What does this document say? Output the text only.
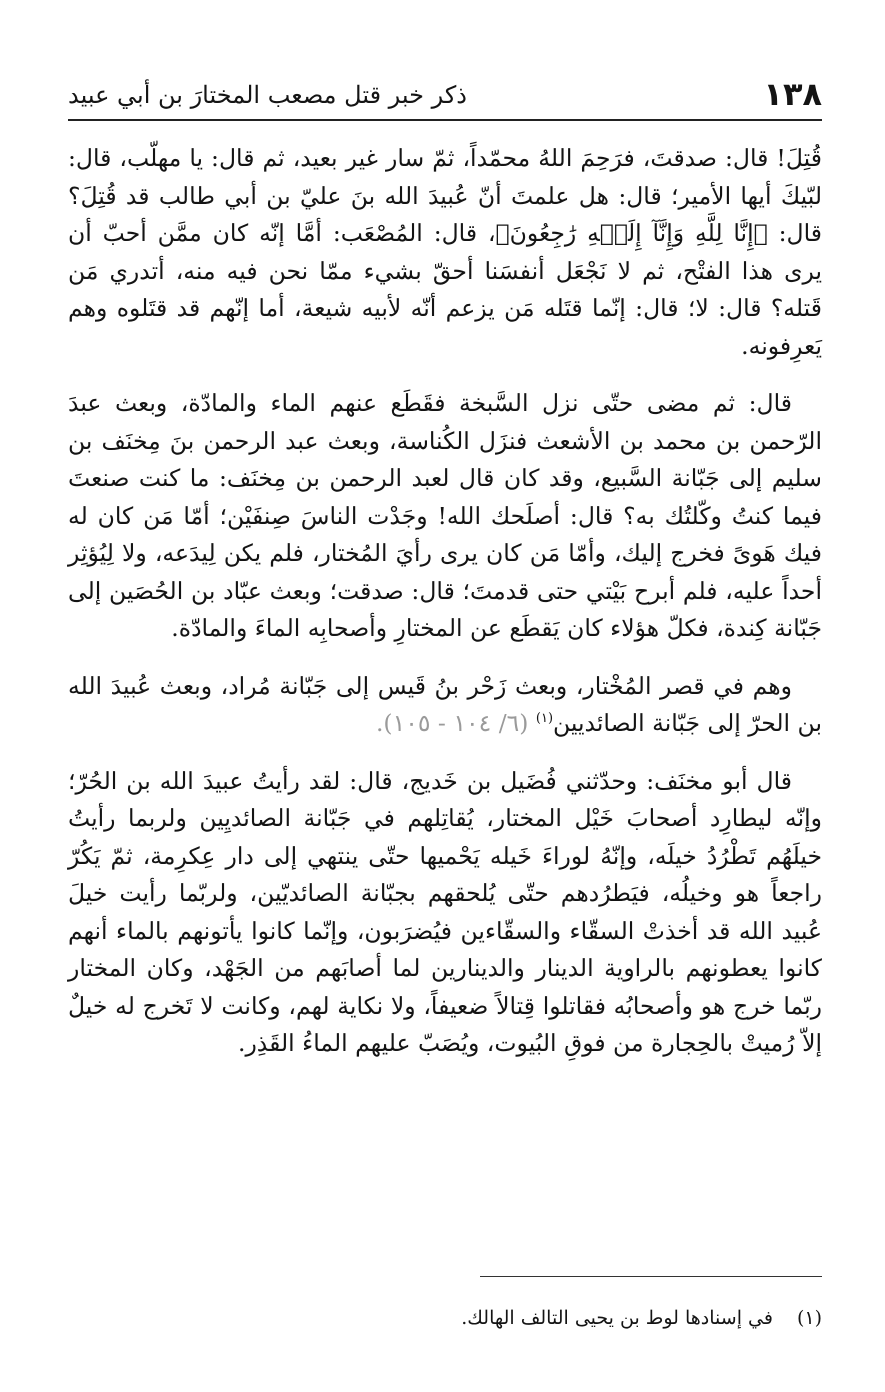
١٣٨
ذكر خبر قتل مصعب المختارَ بن أبي عبيد

قُتِلَ! قال: صدقتَ، فرَحِمَ اللهُ محمّداً، ثمّ سار غير بعيد، ثم قال: يا مهلّب، قال: لبّيكَ أيها الأمير؛ قال: هل علمتَ أنّ عُبيدَ الله بنَ عليّ بن أبي طالب قد قُتِلَ؟ قال: ﴿إِنَّا لِلَّهِ وَإِنَّآ إِلَيۡهِ رَٰجِعُونَ﴾، قال: المُصْعَب: أمَّا إنّه كان ممَّن أحبّ أن يرى هذا الفتْح، ثم لا نَجْعَل أنفسَنا أحقّ بشيء ممّا نحن فيه منه، أتدري مَن قَتله؟ قال: لا؛ قال: إنّما قتَله مَن يزعم أنّه لأبيه شيعة، أما إنّهم قد قتَلوه وهم يَعرِفونه.

قال: ثم مضى حتّى نزل السَّبخة فقَطَع عنهم الماء والمادّة، وبعث عبدَ الرّحمن بن محمد بن الأشعث فنزَل الكُناسة، وبعث عبد الرحمن بنَ مِخنَف بن سليم إلى جَبّانة السَّبيع، وقد كان قال لعبد الرحمن بن مِخنَف: ما كنت صنعتَ فيما كنتُ وكّلتُك به؟ قال: أصلَحك الله! وجَدْت الناسَ صِنفَيْن؛ أمّا مَن كان له فيك هَوىً فخرج إليك، وأمّا مَن كان يرى رأيَ المُختار، فلم يكن لِيدَعه، ولا لِيُؤثِر أحداً عليه، فلم أبرح بَيْتي حتى قدمتَ؛ قال: صدقت؛ وبعث عبّاد بن الحُصَين إلى جَبّانة كِندة، فكلّ هؤلاء كان يَقطَع عن المختارِ وأصحابِه الماءَ والمادّة.

وهم في قصر المُخْتار، وبعث زَحْر بنُ قَيس إلى جَبّانة مُراد، وبعث عُبيدَ الله بن الحرّ إلى جَبّانة الصائديين$^{(١)}$ (٦/ ١٠٤ - ١٠٥).

قال أبو مخنَف: وحدّثني فُضَيل بن خَديج، قال: لقد رأيتُ عبيدَ الله بن الحُرّ؛ وإنّه ليطارِد أصحابَ خَيْل المختار، يُقاتِلهم في جَبّانة الصائديِين ولربما رأيتُ خيلَهُم تَطْرُدُ خيلَه، وإنّهُ لوراءَ خَيله يَحْميها حتّى ينتهي إلى دار عِكرِمة، ثمّ يَكُرّ راجعاً هو وخيلُه، فيَطرُدهم حتّى يُلحقهم بجبّانة الصائديّين، ولربّما رأيت خيلَ عُبيد الله قد أخذتْ السقّاء والسقّاءين فيُضرَبون، وإنّما كانوا يأتونهم بالماء أنهم كانوا يعطونهم بالراوية الدينار والدينارين لما أصابَهم من الجَهْد، وكان المختار ربّما خرج هو وأصحابُه فقاتلوا قِتالاً ضعيفاً، ولا نكاية لهم، وكانت لا تَخرج له خيلٌ إلاّ رُميتْ بالحِجارة من فوقِ البُيوت، ويُصَبّ عليهم الماءُ القَذِر.

(١)في إسنادها لوط بن يحيى التالف الهالك.
